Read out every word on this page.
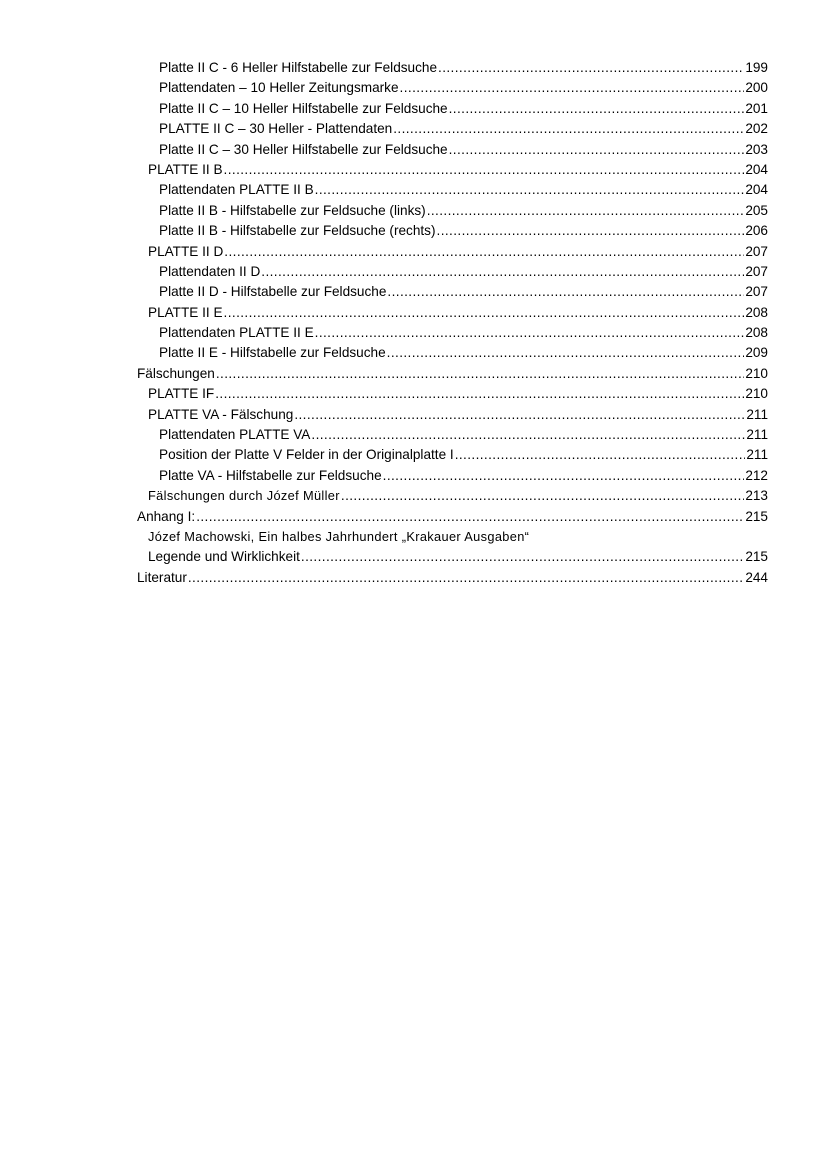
Platte II C - 6 Heller Hilfstabelle zur Feldsuche .....	199
Plattendaten – 10 Heller Zeitungsmarke .....	200
Platte II C – 10 Heller Hilfstabelle zur Feldsuche .....	201
PLATTE II C – 30 Heller - Plattendaten .....	202
Platte II C – 30 Heller Hilfstabelle zur Feldsuche .....	203
PLATTE II B .....	204
Plattendaten PLATTE II B .....	204
Platte II B - Hilfstabelle zur Feldsuche (links) .....	205
Platte II B - Hilfstabelle zur Feldsuche (rechts) .....	206
PLATTE II D .....	207
Plattendaten II D .....	207
Platte II D - Hilfstabelle zur Feldsuche .....	207
PLATTE II E .....	208
Plattendaten PLATTE II E .....	208
Platte II E - Hilfstabelle zur Feldsuche .....	209
Fälschungen .....	210
PLATTE IF .....	210
PLATTE VA - Fälschung .....	211
Plattendaten PLATTE VA .....	211
Position der Platte V Felder in der Originalplatte I .....	211
Platte VA - Hilfstabelle zur Feldsuche .....	212
Fälschungen durch Józef Müller .....	213
Anhang I: .....	215
Józef Machowski, Ein halbes Jahrhundert „Krakauer Ausgaben“
Legende und Wirklichkeit .....	215
Literatur .....	244
